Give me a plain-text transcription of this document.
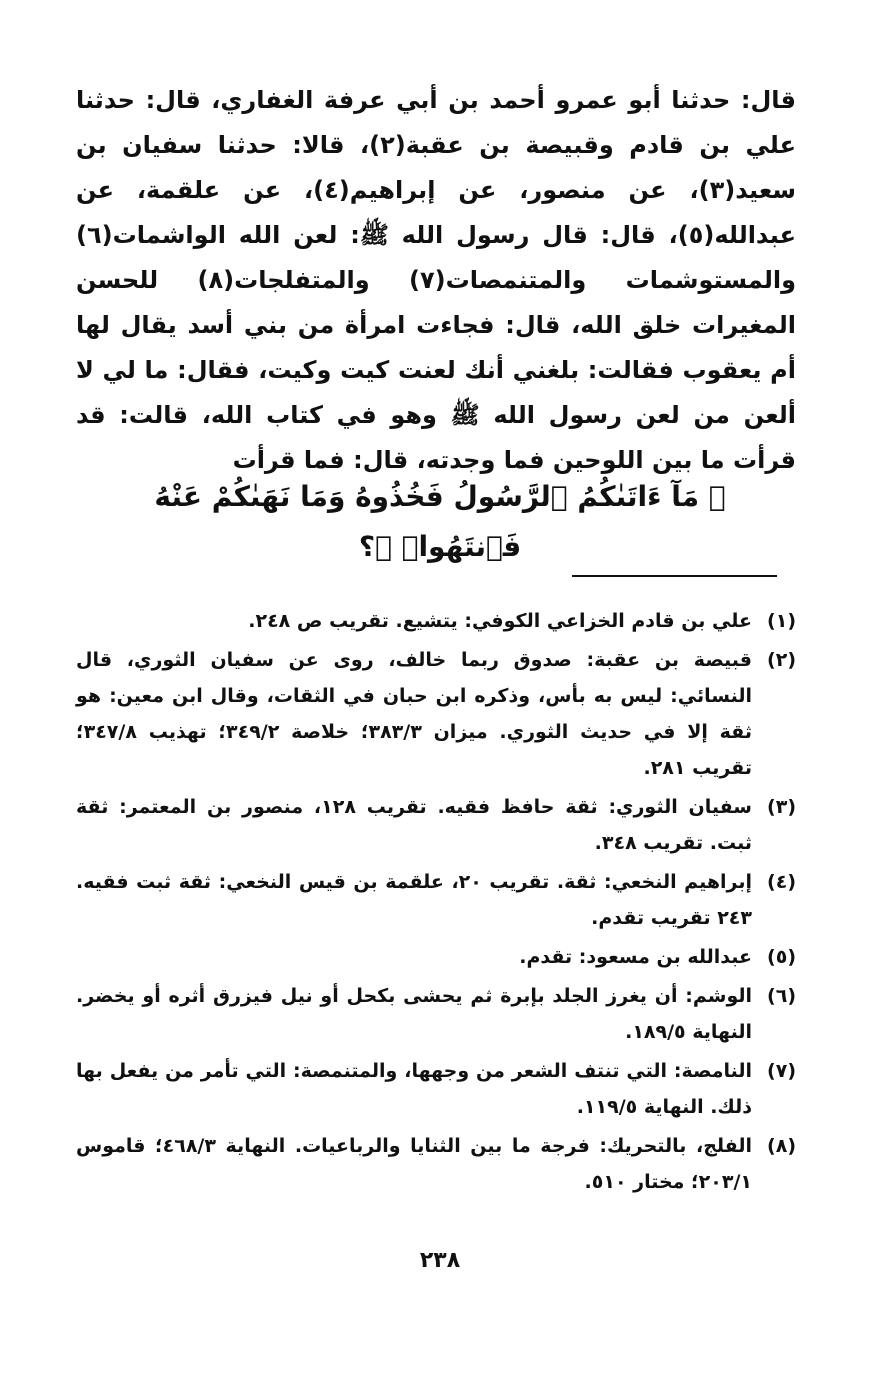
قال: حدثنا أبو عمرو أحمد بن أبي عرفة الغفاري، قال: حدثنا علي بن قادم وقبيصة بن عقبة(٢)، قالا: حدثنا سفيان بن سعيد(٣)، عن منصور، عن إبراهيم(٤)، عن علقمة، عن عبدالله(٥)، قال: قال رسول الله ﷺ: لعن الله الواشمات(٦) والمستوشمات والمتنمصات(٧) والمتفلجات(٨) للحسن المغيرات خلق الله، قال: فجاءت امرأة من بني أسد يقال لها أم يعقوب فقالت: بلغني أنك لعنت كيت وكيت، فقال: ما لي لا ألعن من لعن رسول الله ﷺ وهو في كتاب الله، قالت: قد قرأت ما بين اللوحين فما وجدته، قال: فما قرأت

﴿ مَآ ءَاتَىٰكُمُ ٱلرَّسُولُ فَخُذُوهُ وَمَا نَهَىٰكُمْ عَنْهُ فَٱنتَهُوا۟ ﴾؟
(١)
علي بن قادم الخزاعي الكوفي: يتشيع. تقريب ص ٢٤٨.
(٢)
قبيصة بن عقبة: صدوق ربما خالف، روى عن سفيان الثوري، قال النسائي: ليس به بأس، وذكره ابن حبان في الثقات، وقال ابن معين: هو ثقة إلا في حديث الثوري. ميزان ٣٨٣/٣؛ خلاصة ٣٤٩/٢؛ تهذيب ٣٤٧/٨؛ تقريب ٢٨١.
(٣)
سفيان الثوري: ثقة حافظ فقيه. تقريب ١٢٨، منصور بن المعتمر: ثقة ثبت. تقريب ٣٤٨.
(٤)
إبراهيم النخعي: ثقة. تقريب ٢٠، علقمة بن قيس النخعي: ثقة ثبت فقيه. ٢٤٣ تقريب تقدم.
(٥)
عبدالله بن مسعود: تقدم.
(٦)
الوشم: أن يغرز الجلد بإبرة ثم يحشى بكحل أو نيل فيزرق أثره أو يخضر. النهاية ١٨٩/٥.
(٧)
النامصة: التي تنتف الشعر من وجهها، والمتنمصة: التي تأمر من يفعل بها ذلك. النهاية ١١٩/٥.
(٨)
الفلج، بالتحريك: فرجة ما بين الثنايا والرباعيات. النهاية ٤٦٨/٣؛ قاموس ٢٠٣/١؛ مختار ٥١٠.
٢٣٨
